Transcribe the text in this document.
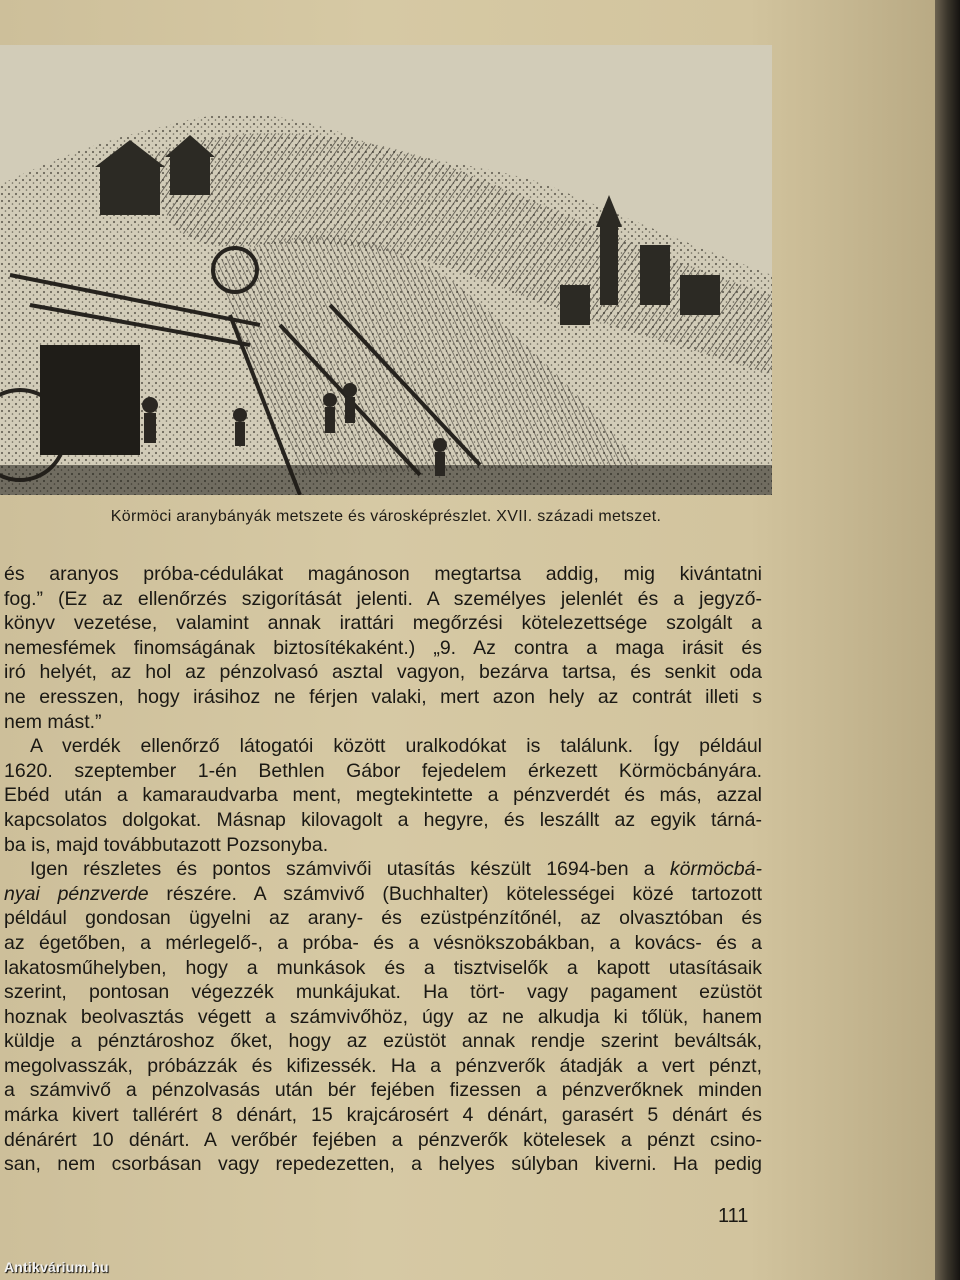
Körmöci aranybányák metszete és városképrészlet. XVII. századi metszet.
és aranyos próba-cédulákat magánoson megtartsa addig, mig kivántatni
fog.” (Ez az ellenőrzés szigorítását jelenti. A személyes jelenlét és a jegyző-
könyv vezetése, valamint annak irattári megőrzési kötelezettsége szolgált a
nemesfémek finomságának biztosítékaként.) „9. Az contra a maga irásit és
iró helyét, az hol az pénzolvasó asztal vagyon, bezárva tartsa, és senkit oda
ne eresszen, hogy irásihoz ne férjen valaki, mert azon hely az contrát illeti s
nem mást.”
A verdék ellenőrző látogatói között uralkodókat is találunk. Így például
1620. szeptember 1-én Bethlen Gábor fejedelem érkezett Körmöcbányára.
Ebéd után a kamaraudvarba ment, megtekintette a pénzverdét és más, azzal
kapcsolatos dolgokat. Másnap kilovagolt a hegyre, és leszállt az egyik tárná-
ba is, majd továbbutazott Pozsonyba.
Igen részletes és pontos számvivői utasítás készült 1694-ben a körmöcbá-
nyai pénzverde részére. A számvivő (Buchhalter) kötelességei közé tartozott
például gondosan ügyelni az arany- és ezüstpénzítőnél, az olvasztóban és
az égetőben, a mérlegelő-, a próba- és a vésnökszobákban, a kovács- és a
lakatosműhelyben, hogy a munkások és a tisztviselők a kapott utasításaik
szerint, pontosan végezzék munkájukat. Ha tört- vagy pagament ezüstöt
hoznak beolvasztás végett a számvivőhöz, úgy az ne alkudja ki tőlük, hanem
küldje a pénztároshoz őket, hogy az ezüstöt annak rendje szerint beváltsák,
megolvasszák, próbázzák és kifizessék. Ha a pénzverők átadják a vert pénzt,
a számvivő a pénzolvasás után bér fejében fizessen a pénzverőknek minden
márka kivert tallérért 8 dénárt, 15 krajcárosért 4 dénárt, garasért 5 dénárt és
dénárért 10 dénárt. A verőbér fejében a pénzverők kötelesek a pénzt csino-
san, nem csorbásan vagy repedezetten, a helyes súlyban kiverni. Ha pedig
111
Antikvárium.hu
